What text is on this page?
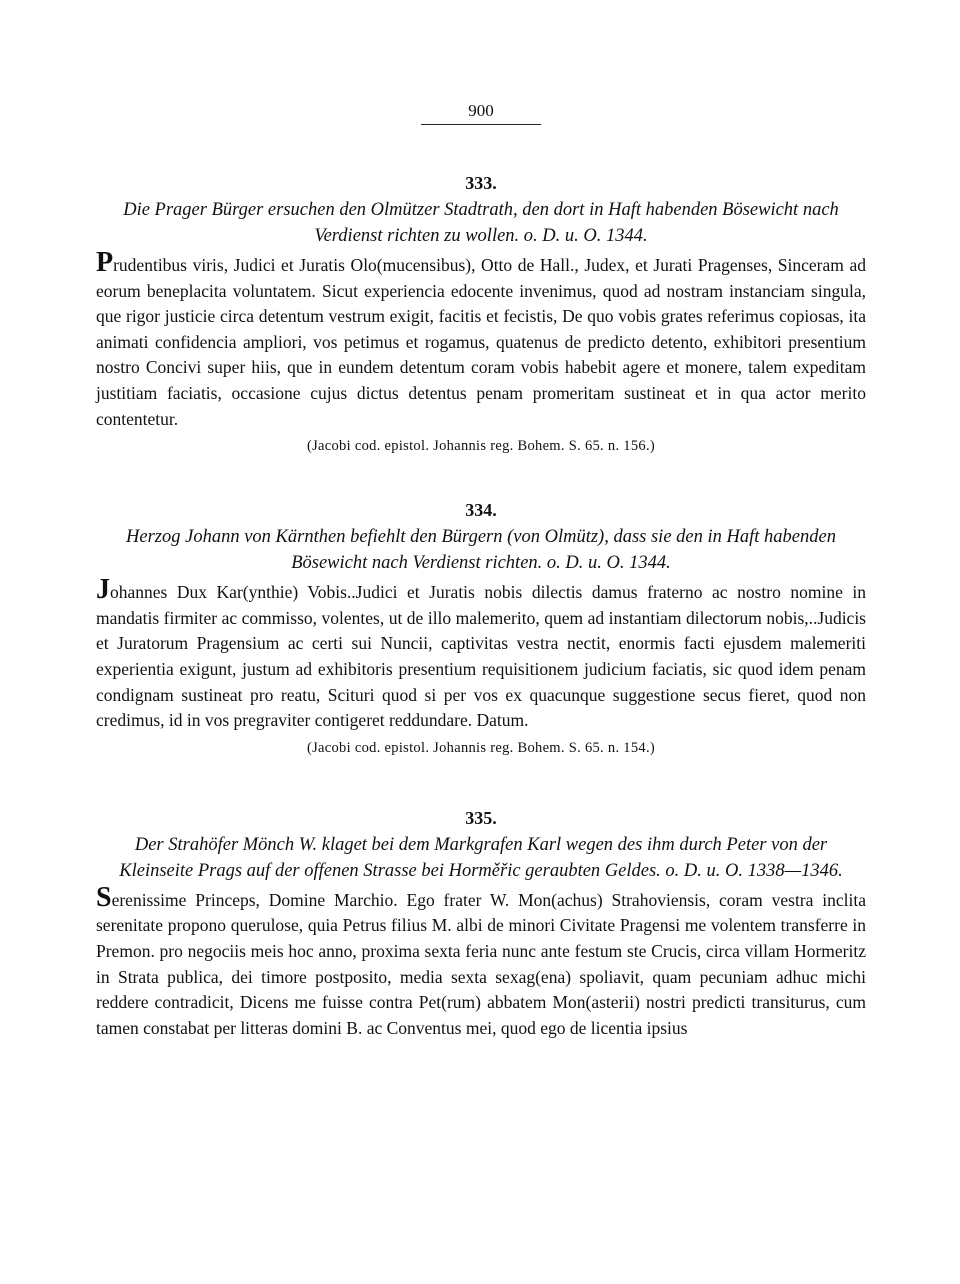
900

333.

Die Prager Bürger ersuchen den Olmützer Stadtrath, den dort in Haft habenden Bösewicht nach Verdienst richten zu wollen. o. D. u. O. 1344.

Prudentibus viris, Judici et Juratis Olo(mucensibus), Otto de Hall., Judex, et Jurati Pragenses, Sinceram ad eorum beneplacita voluntatem. Sicut experiencia edocente invenimus, quod ad nostram instanciam singula, que rigor justicie circa detentum vestrum exigit, facitis et fecistis, De quo vobis grates referimus copiosas, ita animati confidencia ampliori, vos petimus et rogamus, quatenus de predicto detento, exhibitori presentium nostro Concivi super hiis, que in eundem detentum coram vobis habebit agere et monere, talem expeditam justitiam faciatis, occasione cujus dictus detentus penam promeritam sustineat et in qua actor merito contentetur.

(Jacobi cod. epistol. Johannis reg. Bohem. S. 65. n. 156.)

334.

Herzog Johann von Kärnthen befiehlt den Bürgern (von Olmütz), dass sie den in Haft habenden Bösewicht nach Verdienst richten. o. D. u. O. 1344.

Johannes Dux Kar(ynthie) Vobis..Judici et Juratis nobis dilectis damus fraterno ac nostro nomine in mandatis firmiter ac commisso, volentes, ut de illo malemerito, quem ad instantiam dilectorum nobis,..Judicis et Juratorum Pragensium ac certi sui Nuncii, captivitas vestra nectit, enormis facti ejusdem malemeriti experientia exigunt, justum ad exhibitoris presentium requisitionem judicium faciatis, sic quod idem penam condignam sustineat pro reatu, Sciturі quod si per vos ex quacunque suggestione secus fieret, quod non credimus, id in vos pregraviter contigeret reddundare. Datum.

(Jacobi cod. epistol. Johannis reg. Bohem. S. 65. n. 154.)

335.

Der Strahöfer Mönch W. klaget bei dem Markgrafen Karl wegen des ihm durch Peter von der Kleinseite Prags auf der offenen Strasse bei Horměřic geraubten Geldes. o. D. u. O. 1338—1346.

Serenissime Princeps, Domine Marchio. Ego frater W. Mon(achus) Strahoviensis, coram vestra inclita serenitate propono querulose, quia Petrus filius M. albi de minori Civitate Pragensi me volentem transferre in Premon. pro negociis meis hoc anno, proxima sexta feria nunc ante festum ste Crucis, circa villam Hormeritz in Strata publica, dei timore postposito, media sexta sexag(ena) spoliavit, quam pecuniam adhuc michi reddere contradicit, Dicens me fuisse contra Pet(rum) abbatem Mon(asterii) nostri predicti transiturus, cum tamen constabat per litteras domini B. ac Conventus mei, quod ego de licentia ipsius
